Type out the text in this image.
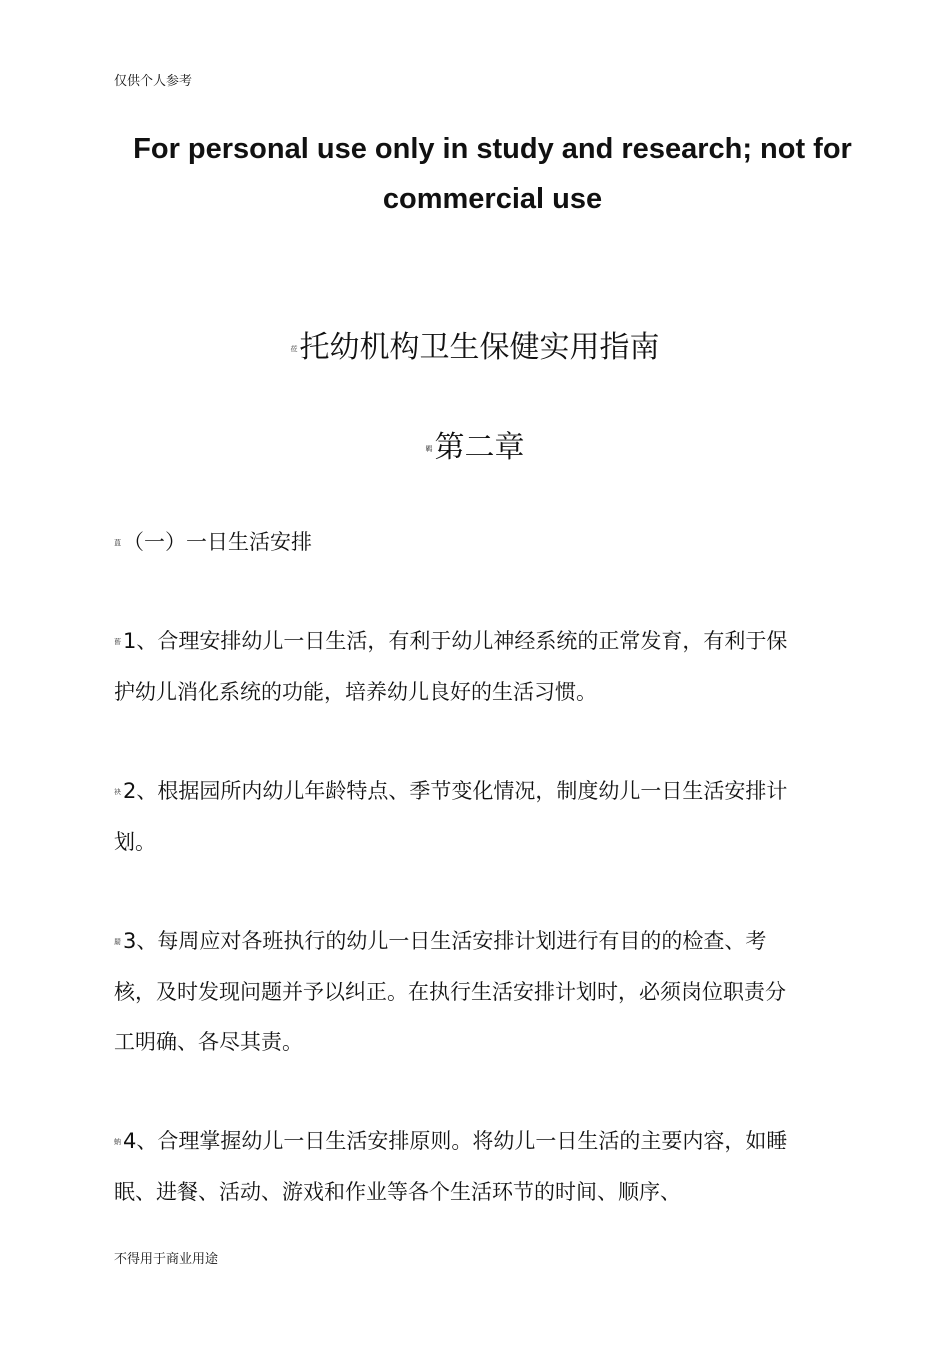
仅供个人参考
For personal use only in study and research; not for commercial use
莅托幼机构卫生保健实用指南
羁第二章
蒀（一）一日生活安排
蒈1、合理安排幼儿一日生活，有利于幼儿神经系统的正常发育，有利于保护幼儿消化系统的功能，培养幼儿良好的生活习惯。
袂2、根据园所内幼儿年龄特点、季节变化情况，制度幼儿一日生活安排计划。
罽3、每周应对各班执行的幼儿一日生活安排计划进行有目的的检查、考核，及时发现问题并予以纠正。在执行生活安排计划时，必须岗位职责分工明确、各尽其责。
蚋4、合理掌握幼儿一日生活安排原则。将幼儿一日生活的主要内容，如睡眠、进餐、活动、游戏和作业等各个生活环节的时间、顺序、
不得用于商业用途
